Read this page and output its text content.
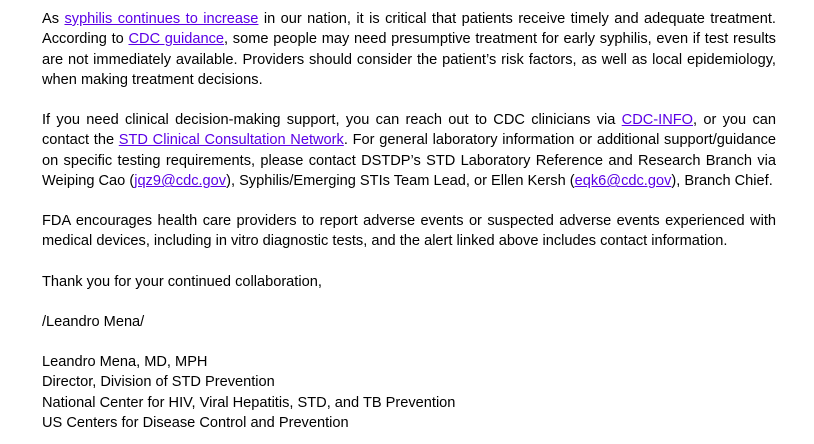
As syphilis continues to increase in our nation, it is critical that patients receive timely and adequate treatment. According to CDC guidance, some people may need presumptive treatment for early syphilis, even if test results are not immediately available. Providers should consider the patient’s risk factors, as well as local epidemiology, when making treatment decisions.

If you need clinical decision-making support, you can reach out to CDC clinicians via CDC-INFO, or you can contact the STD Clinical Consultation Network. For general laboratory information or additional support/guidance on specific testing requirements, please contact DSTDP’s STD Laboratory Reference and Research Branch via Weiping Cao (jqz9@cdc.gov), Syphilis/Emerging STIs Team Lead, or Ellen Kersh (eqk6@cdc.gov), Branch Chief.

FDA encourages health care providers to report adverse events or suspected adverse events experienced with medical devices, including in vitro diagnostic tests, and the alert linked above includes contact information.

Thank you for your continued collaboration,

/Leandro Mena/

Leandro Mena, MD, MPH
Director, Division of STD Prevention
National Center for HIV, Viral Hepatitis, STD, and TB Prevention
US Centers for Disease Control and Prevention
